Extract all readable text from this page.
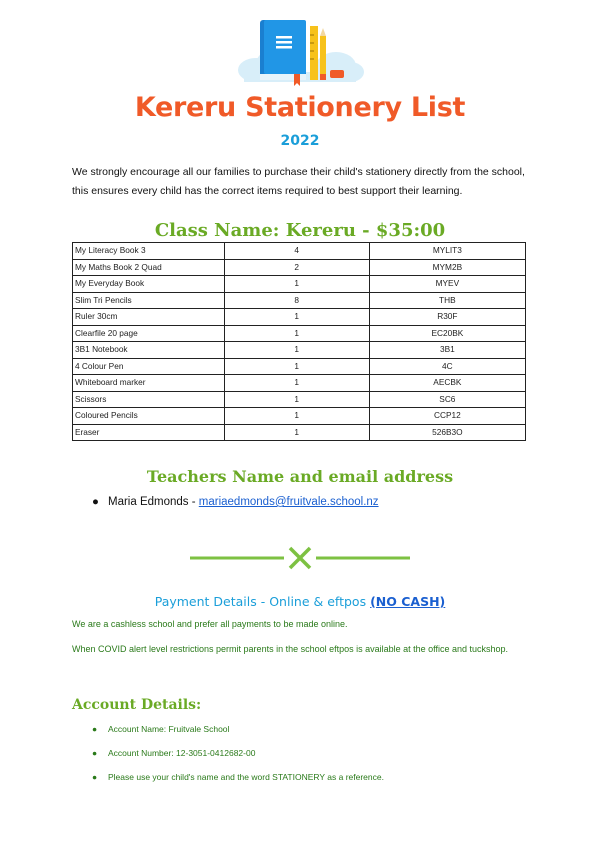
Kereru Stationery List
2022
We strongly encourage all our families to purchase their child's stationery directly from the school, this ensures every child has the correct items required to best support their learning.
Class Name: Kereru - $35:00
My Literacy Book 3	4	MYLIT3
My Maths Book 2 Quad	2	MYM2B
My Everyday Book	1	MYEV
Slim Tri Pencils	8	THB
Ruler 30cm	1	R30F
Clearfile 20 page	1	EC20BK
3B1 Notebook	1	3B1
4 Colour Pen	1	4C
Whiteboard marker	1	AECBK
Scissors	1	SC6
Coloured Pencils	1	CCP12
Eraser	1	526B3O
Teachers Name and email address
● Maria Edmonds - mariaedmonds@fruitvale.school.nz
Payment Details - Online & eftpos (NO CASH)
We are a cashless school and prefer all payments to be made online.
When COVID alert level restrictions permit parents in the school eftpos is available at the office and tuckshop.
Account Details:
● Account Name: Fruitvale School
● Account Number: 12-3051-0412682-00
● Please use your child's name and the word STATIONERY as a reference.
